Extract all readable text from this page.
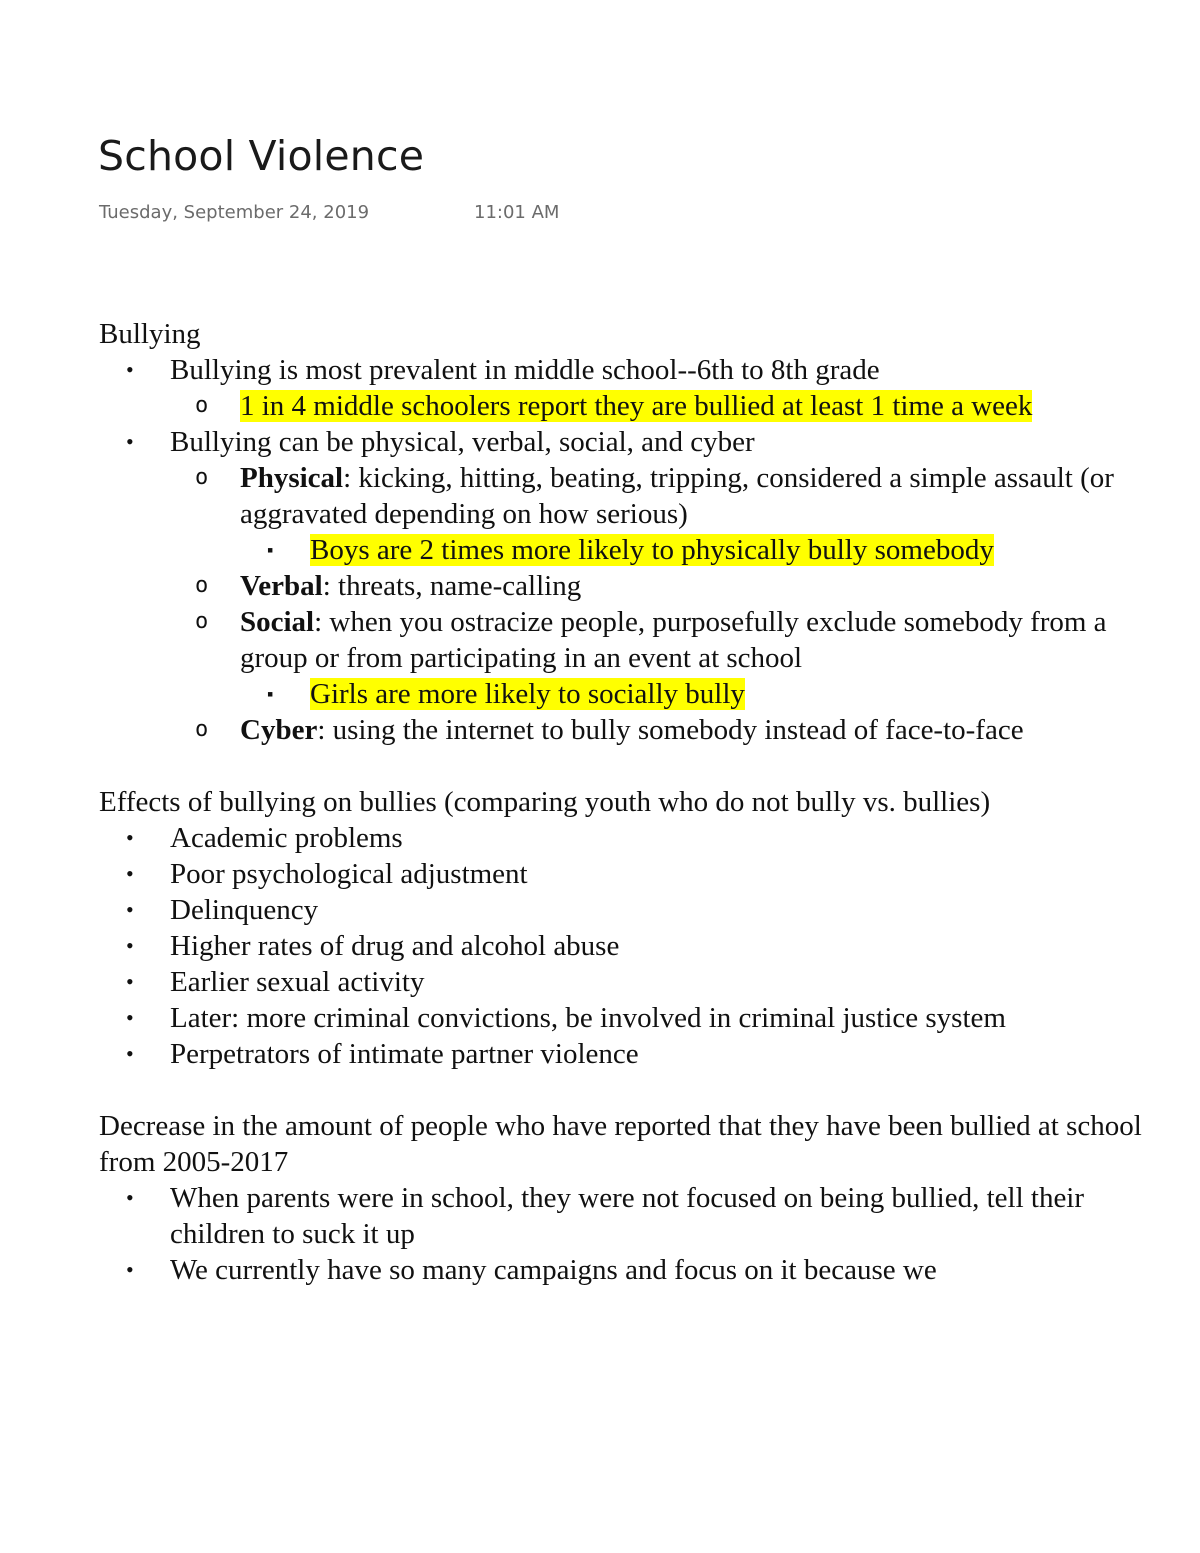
School Violence
Tuesday, September 24, 2019	11:01 AM

Bullying

• Bullying is most prevalent in middle school--6th to 8th grade
o 1 in 4 middle schoolers report they are bullied at least 1 time a week
• Bullying can be physical, verbal, social, and cyber
o Physical: kicking, hitting, beating, tripping, considered a simple assault (or aggravated depending on how serious)
▪ Boys are 2 times more likely to physically bully somebody
o Verbal: threats, name-calling
o Social: when you ostracize people, purposefully exclude somebody from a group or from participating in an event at school
▪ Girls are more likely to socially bully
o Cyber: using the internet to bully somebody instead of face-to-face

Effects of bullying on bullies (comparing youth who do not bully vs. bullies)

• Academic problems
• Poor psychological adjustment
• Delinquency
• Higher rates of drug and alcohol abuse
• Earlier sexual activity
• Later: more criminal convictions, be involved in criminal justice system
• Perpetrators of intimate partner violence

Decrease in the amount of people who have reported that they have been bullied at school from 2005-2017

• When parents were in school, they were not focused on being bullied, tell their children to suck it up
• We currently have so many campaigns and focus on it because we
